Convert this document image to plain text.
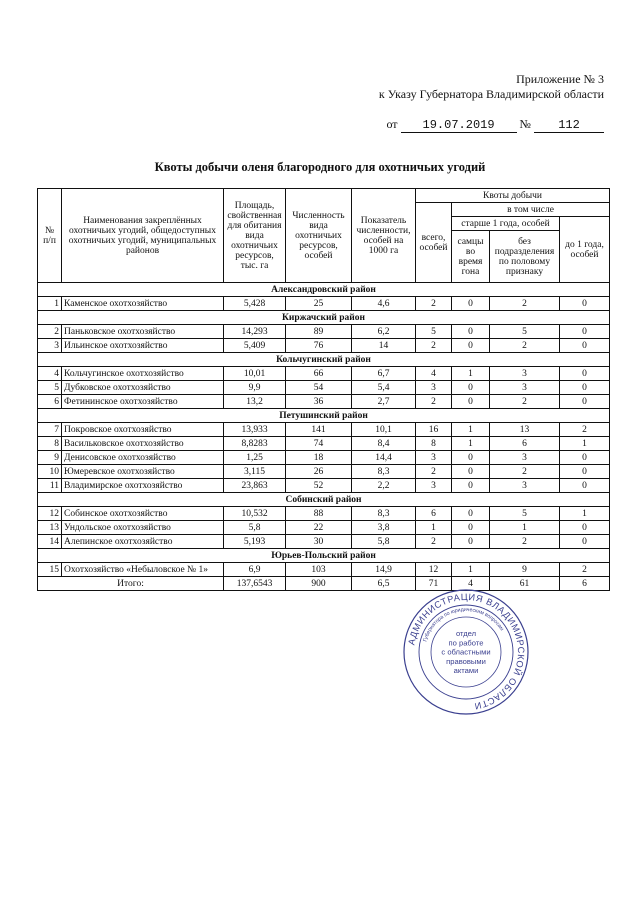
Приложение № 3
к Указу Губернатора Владимирской области
от 19.07.2019 № 112
Квоты добычи оленя благородного для охотничьих угодий
№ п/п	Наименования закреплённых охотничьих угодий, общедоступных охотничьих угодий, муниципальных районов	Площадь, свойственная для обитания вида охотничьих ресурсов, тыс. га	Численность вида охотничьих ресурсов, особей	Показатель численности, особей на 1000 га	Квоты добычи			
					всего, особей	в том числе		
						старше 1 года, особей		до 1 года, особей
						самцы во время гона	без подразделения по половому признаку	
Александровский район								
1	Каменское охотхозяйство	5,428	25	4,6	2	0	2	0
Киржачский район								
2	Паньковское охотхозяйство	14,293	89	6,2	5	0	5	0
3	Ильинское охотхозяйство	5,409	76	14	2	0	2	0
Кольчугинский район								
4	Кольчугинское охотхозяйство	10,01	66	6,7	4	1	3	0
5	Дубковское охотхозяйство	9,9	54	5,4	3	0	3	0
6	Фетининское охотхозяйство	13,2	36	2,7	2	0	2	0
Петушинский район								
7	Покровское охотхозяйство	13,933	141	10,1	16	1	13	2
8	Васильковское охотхозяйство	8,8283	74	8,4	8	1	6	1
9	Денисовское охотхозяйство	1,25	18	14,4	3	0	3	0
10	Юмеревское охотхозяйство	3,115	26	8,3	2	0	2	0
11	Владимирское охотхозяйство	23,863	52	2,2	3	0	3	0
Собинский район								
12	Собинское охотхозяйство	10,532	88	8,3	6	0	5	1
13	Ундольское охотхозяйство	5,8	22	3,8	1	0	1	0
14	Алепинское охотхозяйство	5,193	30	5,8	2	0	2	0
Юрьев-Польский район								
15	Охотхозяйство «Небыловское № 1»	6,9	103	14,9	12	1	9	2
Итого:		137,6543	900	6,5	71	4	61	6
АДМИНИСТРАЦИЯ ВЛАДИМИРСКОЙ ОБЛАСТИ
Губернатора по юридическим вопросам
отдел
по работе
с областными
правовыми
актами
